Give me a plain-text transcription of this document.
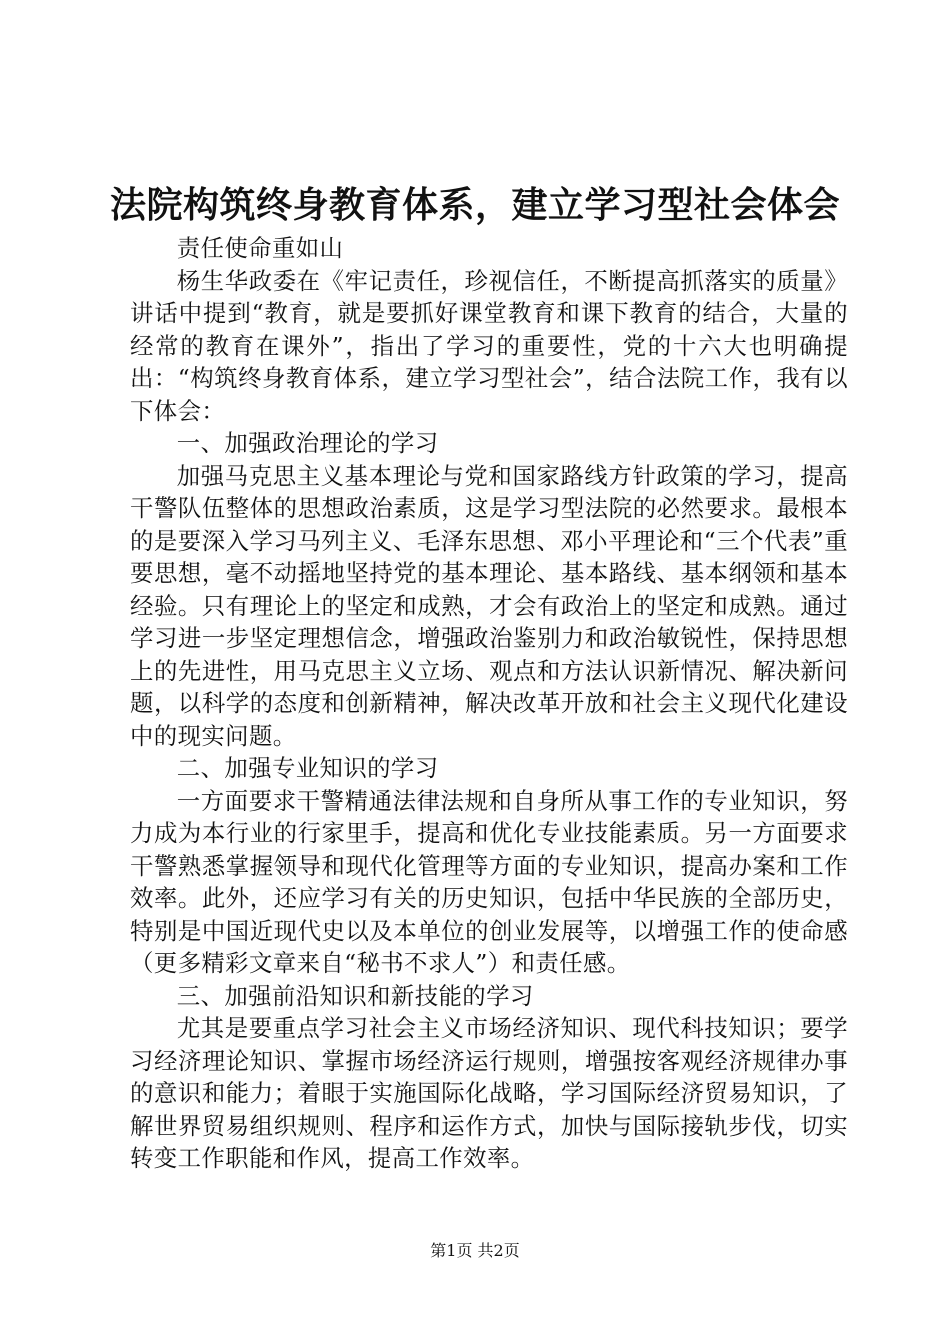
法院构筑终身教育体系，建立学习型社会体会

责任使命重如山

杨生华政委在《牢记责任，珍视信任，不断提高抓落实的质量》讲话中提到“教育，就是要抓好课堂教育和课下教育的结合，大量的经常的教育在课外”，指出了学习的重要性，党的十六大也明确提出：“构筑终身教育体系，建立学习型社会”，结合法院工作，我有以下体会：

一、加强政治理论的学习

加强马克思主义基本理论与党和国家路线方针政策的学习，提高干警队伍整体的思想政治素质，这是学习型法院的必然要求。最根本的是要深入学习马列主义、毛泽东思想、邓小平理论和“三个代表”重要思想，毫不动摇地坚持党的基本理论、基本路线、基本纲领和基本经验。只有理论上的坚定和成熟，才会有政治上的坚定和成熟。通过学习进一步坚定理想信念，增强政治鉴别力和政治敏锐性，保持思想上的先进性，用马克思主义立场、观点和方法认识新情况、解决新问题，以科学的态度和创新精神，解决改革开放和社会主义现代化建设中的现实问题。

二、加强专业知识的学习

一方面要求干警精通法律法规和自身所从事工作的专业知识，努力成为本行业的行家里手，提高和优化专业技能素质。另一方面要求干警熟悉掌握领导和现代化管理等方面的专业知识，提高办案和工作效率。此外，还应学习有关的历史知识，包括中华民族的全部历史，特别是中国近现代史以及本单位的创业发展等，以增强工作的使命感（更多精彩文章来自“秘书不求人”）和责任感。

三、加强前沿知识和新技能的学习

尤其是要重点学习社会主义市场经济知识、现代科技知识；要学习经济理论知识、掌握市场经济运行规则，增强按客观经济规律办事的意识和能力；着眼于实施国际化战略，学习国际经济贸易知识，了解世界贸易组织规则、程序和运作方式，加快与国际接轨步伐，切实转变工作职能和作风，提高工作效率。

第1页 共2页
